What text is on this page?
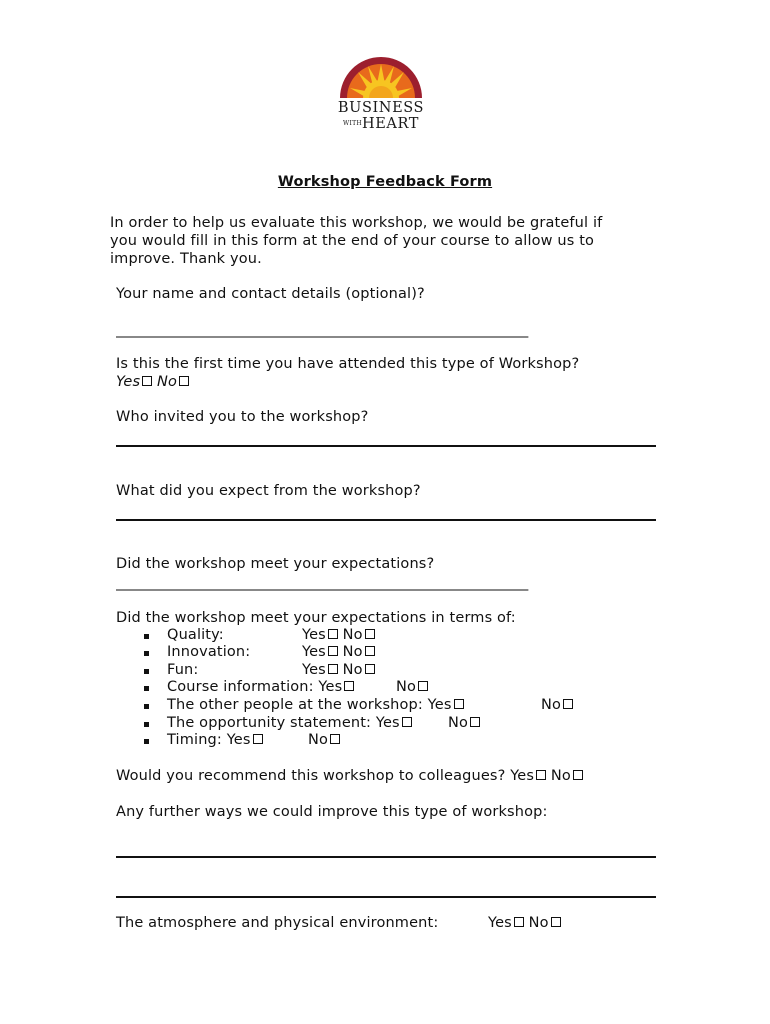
BUSINESS
$^{WITH}$HEART
Workshop Feedback Form
In order to help us evaluate this workshop, we would be grateful if
you would fill in this form at the end of your course to allow us to
improve. Thank you.
Your name and contact details (optional)?
_____________________________________________________________
Is this the first time you have attended this type of Workshop?
Yes No
Who invited you to the workshop?
What did you expect from the workshop?
Did the workshop meet your expectations?
_____________________________________________________________
Did the workshop meet your expectations in terms of:
Quality:	Yes No
Innovation:	Yes No
Fun:	Yes No
Course information: Yes	No
The other people at the workshop: Yes	No
The opportunity statement: Yes	No
Timing: Yes	No
Would you recommend this workshop to colleagues? Yes No
Any further ways we could improve this type of workshop:
The atmosphere and physical environment:	Yes No
